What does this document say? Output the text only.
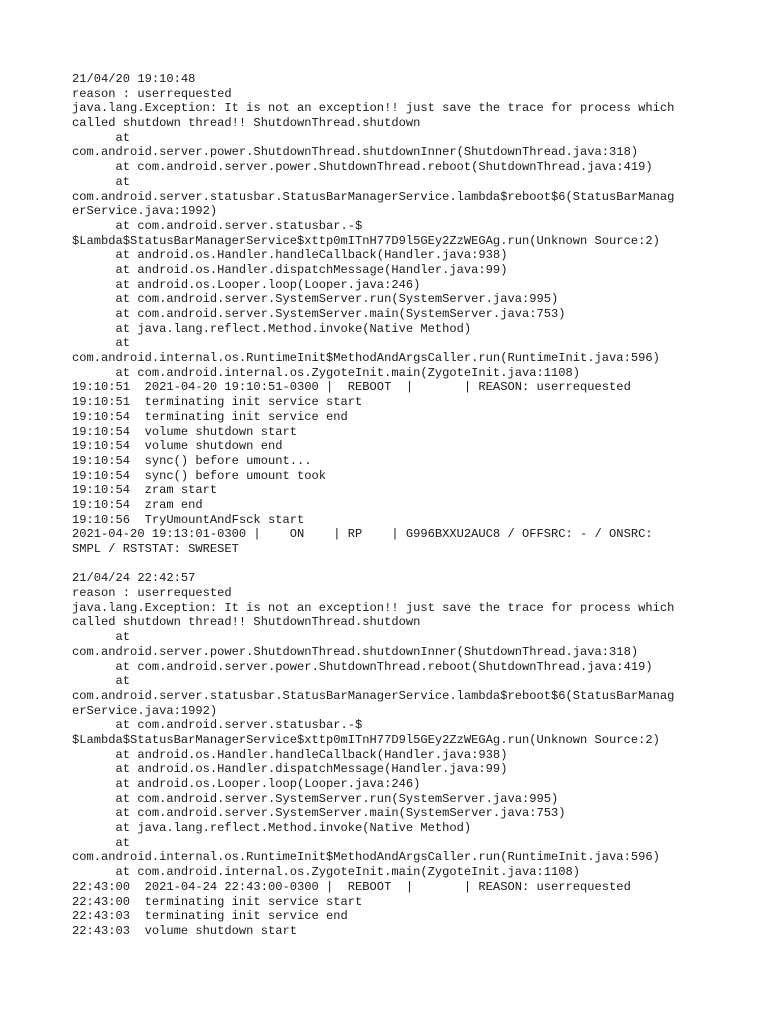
21/04/20 19:10:48
reason : userrequested
java.lang.Exception: It is not an exception!! just save the trace for process which
called shutdown thread!! ShutdownThread.shutdown
at
com.android.server.power.ShutdownThread.shutdownInner(ShutdownThread.java:318)
at com.android.server.power.ShutdownThread.reboot(ShutdownThread.java:419)
at
com.android.server.statusbar.StatusBarManagerService.lambda$reboot$6(StatusBarManag
erService.java:1992)
at com.android.server.statusbar.-$
$Lambda$StatusBarManagerService$xttp0mITnH77D9l5GEy2ZzWEGAg.run(Unknown Source:2)
at android.os.Handler.handleCallback(Handler.java:938)
at android.os.Handler.dispatchMessage(Handler.java:99)
at android.os.Looper.loop(Looper.java:246)
at com.android.server.SystemServer.run(SystemServer.java:995)
at com.android.server.SystemServer.main(SystemServer.java:753)
at java.lang.reflect.Method.invoke(Native Method)
at
com.android.internal.os.RuntimeInit$MethodAndArgsCaller.run(RuntimeInit.java:596)
at com.android.internal.os.ZygoteInit.main(ZygoteInit.java:1108)
19:10:51  2021-04-20 19:10:51-0300 |  REBOOT  |       | REASON: userrequested
19:10:51  terminating init service start
19:10:54  terminating init service end
19:10:54  volume shutdown start
19:10:54  volume shutdown end
19:10:54  sync() before umount...
19:10:54  sync() before umount took
19:10:54  zram start
19:10:54  zram end
19:10:56  TryUmountAndFsck start
2021-04-20 19:13:01-0300 |    ON    | RP    | G996BXXU2AUC8 / OFFSRC: - / ONSRC:
SMPL / RSTSTAT: SWRESET
21/04/24 22:42:57
reason : userrequested
java.lang.Exception: It is not an exception!! just save the trace for process which
called shutdown thread!! ShutdownThread.shutdown
at
com.android.server.power.ShutdownThread.shutdownInner(ShutdownThread.java:318)
at com.android.server.power.ShutdownThread.reboot(ShutdownThread.java:419)
at
com.android.server.statusbar.StatusBarManagerService.lambda$reboot$6(StatusBarManag
erService.java:1992)
at com.android.server.statusbar.-$
$Lambda$StatusBarManagerService$xttp0mITnH77D9l5GEy2ZzWEGAg.run(Unknown Source:2)
at android.os.Handler.handleCallback(Handler.java:938)
at android.os.Handler.dispatchMessage(Handler.java:99)
at android.os.Looper.loop(Looper.java:246)
at com.android.server.SystemServer.run(SystemServer.java:995)
at com.android.server.SystemServer.main(SystemServer.java:753)
at java.lang.reflect.Method.invoke(Native Method)
at
com.android.internal.os.RuntimeInit$MethodAndArgsCaller.run(RuntimeInit.java:596)
at com.android.internal.os.ZygoteInit.main(ZygoteInit.java:1108)
22:43:00  2021-04-24 22:43:00-0300 |  REBOOT  |       | REASON: userrequested
22:43:00  terminating init service start
22:43:03  terminating init service end
22:43:03  volume shutdown start
